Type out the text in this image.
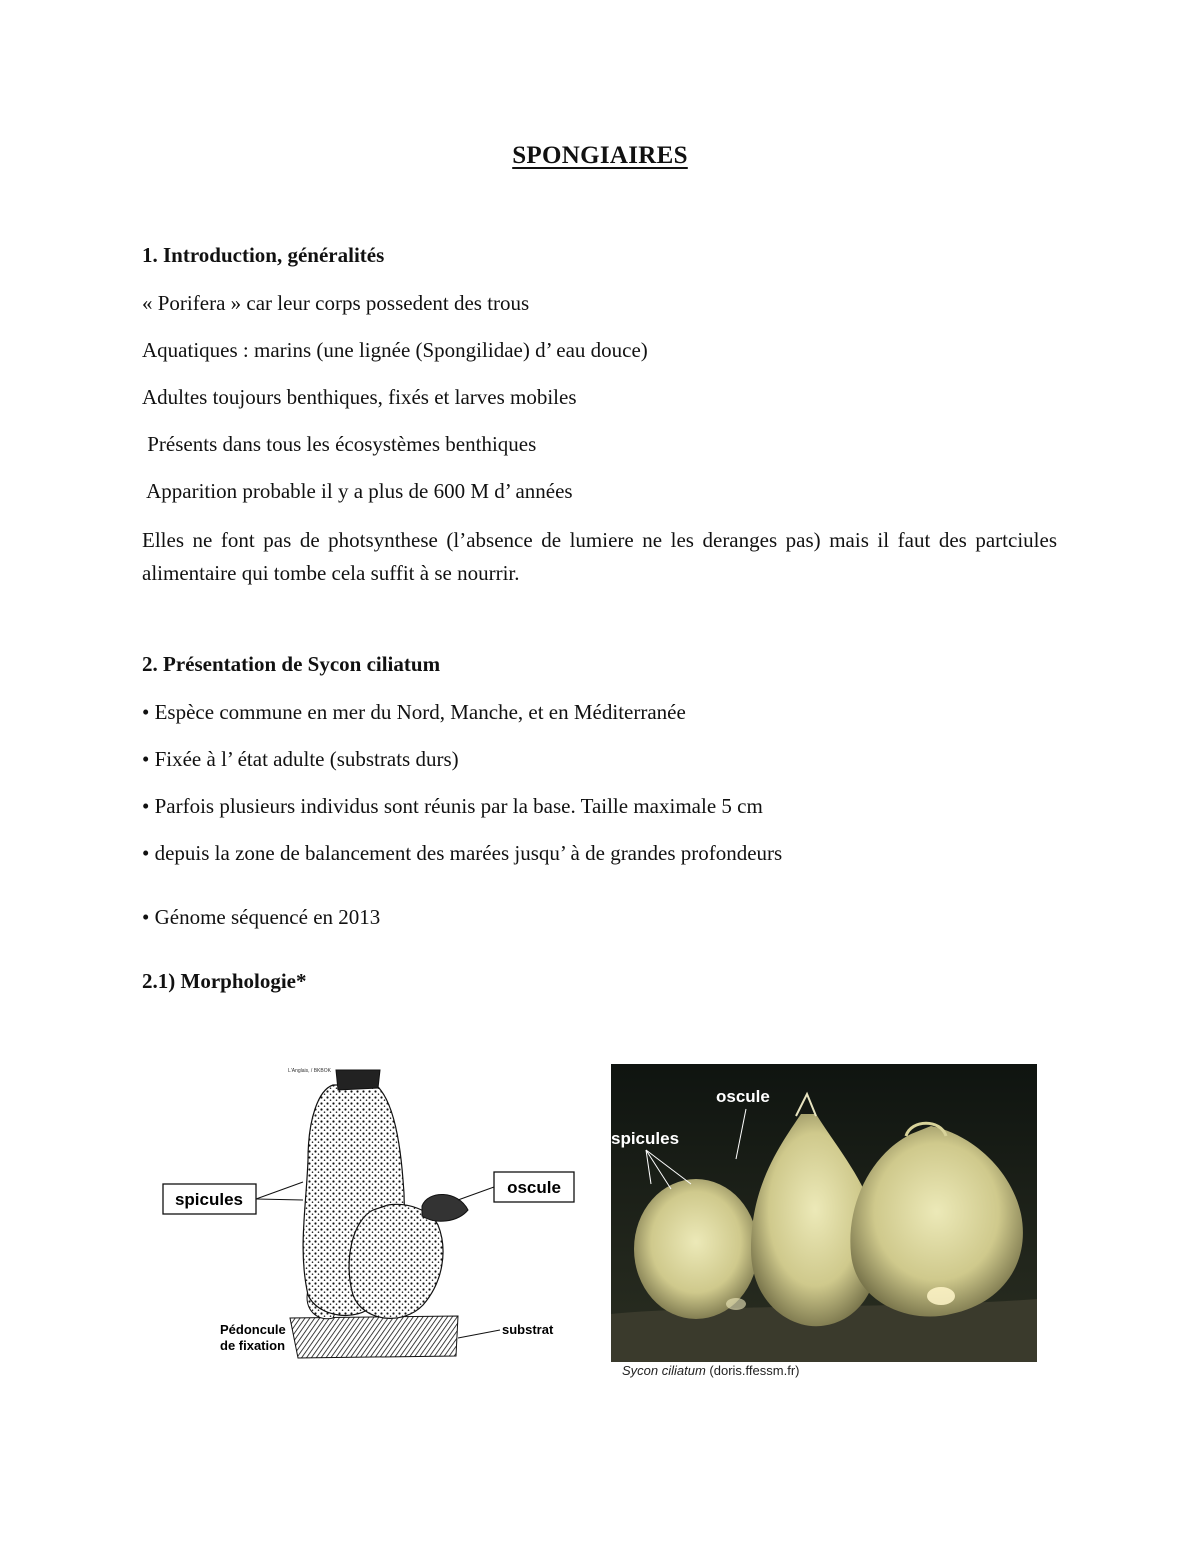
SPONGIAIRES
1. Introduction, généralités
« Porifera » car leur corps possedent des trous
Aquatiques : marins (une lignée (Spongilidae) d’ eau douce)
Adultes toujours benthiques, fixés et larves mobiles
Présents dans tous les écosystèmes benthiques
Apparition probable il y a plus de 600 M d’ années
Elles ne font pas de photsynthese (l’absence de lumiere ne les deranges pas) mais il faut des partciules alimentaire qui tombe cela suffit à se nourrir.
2. Présentation de Sycon ciliatum
• Espèce commune en mer du Nord, Manche, et en Méditerranée
• Fixée à l’ état adulte (substrats durs)
• Parfois plusieurs individus sont réunis par la base. Taille maximale 5 cm
• depuis la zone de balancement des marées jusqu’ à de grandes profondeurs
• Génome séquencé en 2013
2.1) Morphologie*
L'Anglais, / BKBOK
spicules
oscule
Pédoncule
de fixation
substrat
oscule
spicules
Sycon ciliatum (doris.ffessm.fr)
